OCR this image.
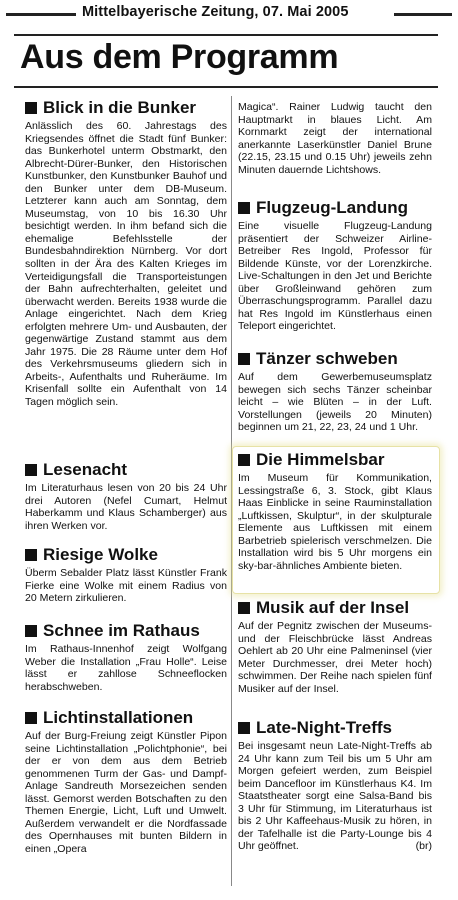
Mittelbayerische Zeitung, 07. Mai 2005
Aus dem Programm
Blick in die Bunker

Anlässlich des 60. Jahrestags des Kriegsendes öffnet die Stadt fünf Bunker: das Bunkerhotel unterm Obstmarkt, den Albrecht-Dürer-Bunker, den Historischen Kunstbunker, den Kunstbunker Bauhof und den Bunker unter dem DB-Museum. Letzterer kann auch am Sonntag, dem Museumstag, von 10 bis 16.30 Uhr besichtigt werden. In ihm befand sich die ehemalige Befehlsstelle der Bundesbahndirektion Nürnberg. Vor dort sollten in der Ära des Kalten Krieges im Verteidigungsfall die Transporteistungen der Bahn aufrechterhalten, geleitet und überwacht werden. Bereits 1938 wurde die Anlage eingerichtet. Nach dem Krieg erfolgten mehrere Um- und Ausbauten, der gegenwärtige Zustand stammt aus dem Jahr 1975. Die 28 Räume unter dem Hof des Verkehrsmuseums gliedern sich in Arbeits-, Aufenthalts und Ruheräume. Im Krisenfall sollte ein Aufenthalt von 14 Tagen möglich sein.

Lesenacht

Im Literaturhaus lesen von 20 bis 24 Uhr drei Autoren (Nefel Cumart, Helmut Haberkamm und Klaus Schamberger) aus ihren Werken vor.

Riesige Wolke

Überm Sebalder Platz lässt Künstler Frank Fierke eine Wolke mit einem Radius von 20 Metern zirkulieren.

Schnee im Rathaus

Im Rathaus-Innenhof zeigt Wolfgang Weber die Installation „Frau Holle“. Leise lässt er zahllose Schneeflocken herabschweben.

Lichtinstallationen

Auf der Burg-Freiung zeigt Künstler Pipon seine Lichtinstallation „Polichtphonie“, bei der er von dem aus dem Betrieb genommenen Turm der Gas- und Dampf-Anlage Sandreuth Morsezeichen senden lässt. Gemorst werden Botschaften zu den Themen Energie, Licht, Luft und Umwelt. Außerdem verwandelt er die Nordfassade des Opernhauses mit bunten Bildern in einen „Opera

Magica“. Rainer Ludwig taucht den Hauptmarkt in blaues Licht. Am Kornmarkt zeigt der international anerkannte Laserkünstler Daniel Brune (22.15, 23.15 und 0.15 Uhr) jeweils zehn Minuten dauernde Lichtshows.

Flugzeug-Landung

Eine visuelle Flugzeug-Landung präsentiert der Schweizer Airline-Betreiber Res Ingold, Professor für Bildende Künste, vor der Lorenzkirche. Live-Schaltungen in den Jet und Berichte über Großleinwand gehören zum Überraschungsprogramm. Parallel dazu hat Res Ingold im Künstlerhaus einen Teleport eingerichtet.

Tänzer schweben

Auf dem Gewerbemuseumsplatz bewegen sich sechs Tänzer scheinbar leicht – wie Blüten – in der Luft. Vorstellungen (jeweils 20 Minuten) beginnen um 21, 22, 23, 24 und 1 Uhr.

Die Himmelsbar

Im Museum für Kommunikation, Lessingstraße 6, 3. Stock, gibt Klaus Haas Einblicke in seine Rauminstallation „Luftkissen, Skulptur“, in der skulpturale Elemente aus Luftkissen mit einem Barbetrieb spielerisch verschmelzen. Die Installation wird bis 5 Uhr morgens ein sky-bar-ähnliches Ambiente bieten.

Musik auf der Insel

Auf der Pegnitz zwischen der Museums- und der Fleischbrücke lässt Andreas Oehlert ab 20 Uhr eine Palmeninsel (vier Meter Durchmesser, drei Meter hoch) schwimmen. Der Reihe nach spielen fünf Musiker auf der Insel.

Late-Night-Treffs

Bei insgesamt neun Late-Night-Treffs ab 24 Uhr kann zum Teil bis um 5 Uhr am Morgen gefeiert werden, zum Beispiel beim Dancefloor im Künstlerhaus K4. Im Staatstheater sorgt eine Salsa-Band bis 3 Uhr für Stimmung, im Literaturhaus ist bis 2 Uhr Kaffeehaus-Musik zu hören, in der Tafelhalle ist die Party-Lounge bis 4 Uhr geöffnet.	(br)
